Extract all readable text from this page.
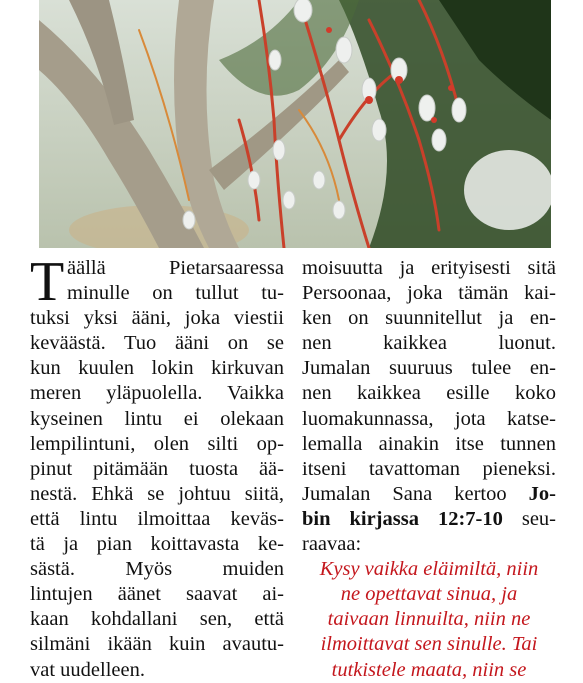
T äällä Pietarsaaressa
minulle on tullut tu-
tuksi yksi ääni, joka viestii
keväästä. Tuo ääni on se
kun kuulen lokin kirkuvan
meren yläpuolella. Vaikka
kyseinen lintu ei olekaan
lempilintuni, olen silti op-
pinut pitämään tuosta ää-
nestä. Ehkä se johtuu siitä,
että lintu ilmoittaa keväs-
tä ja pian koittavasta ke-
sästä. Myös muiden
lintujen äänet saavat ai-
kaan kohdallani sen, että
silmäni ikään kuin avautu-
vat uudelleen.
moisuutta ja erityisesti sitä
Persoonaa, joka tämän kai-
ken on suunnitellut ja en-
nen kaikkea luonut.
Jumalan suuruus tulee en-
nen kaikkea esille koko
luomakunnassa, jota katse-
lemalla ainakin itse tunnen
itseni tavattoman pieneksi.
Jumalan Sana kertoo Jo-
bin kirjassa 12:7-10 seu-
raavaa:
Kysy vaikka eläimiltä, niin
ne opettavat sinua, ja
taivaan linnuilta, niin ne
ilmoittavat sen sinulle. Tai
tutkistele maata, niin se
